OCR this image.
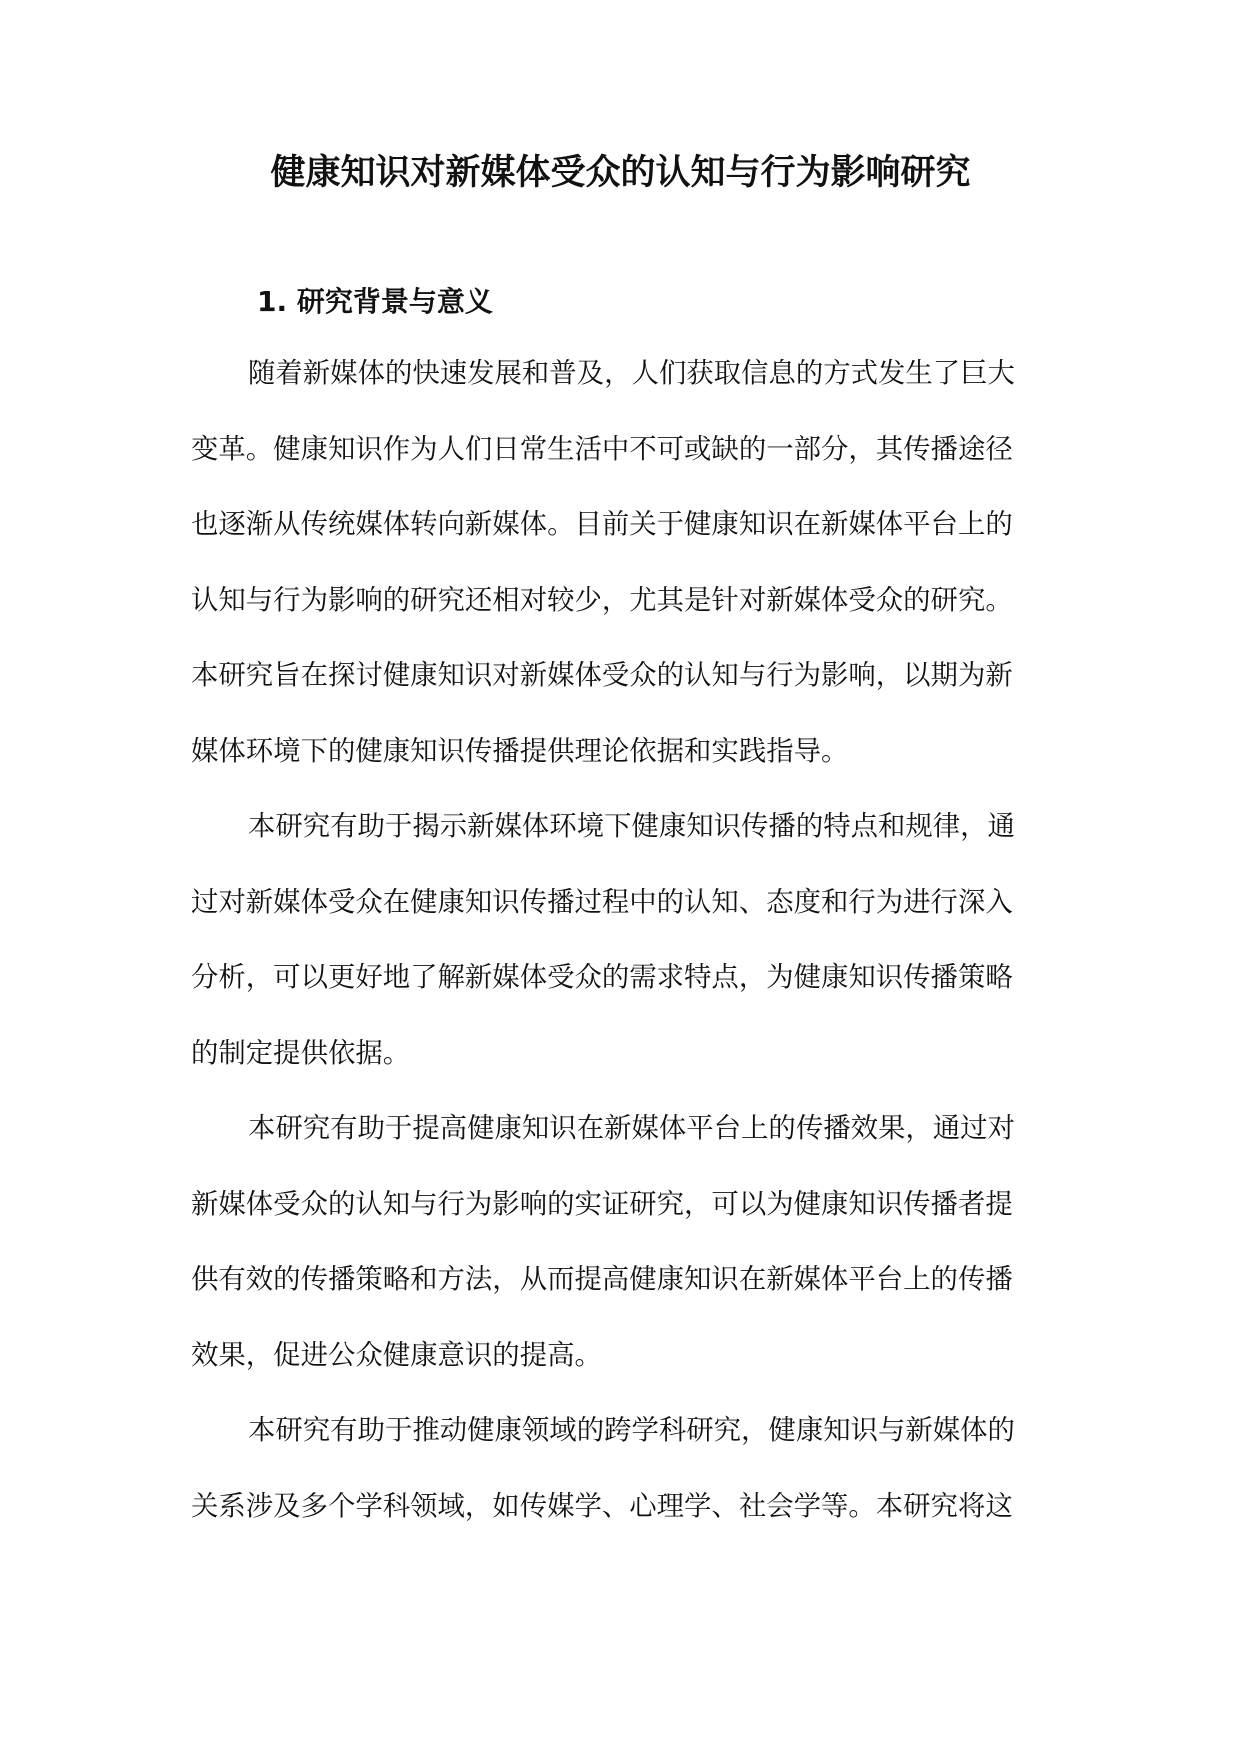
健康知识对新媒体受众的认知与行为影响研究
1. 研究背景与意义

随着新媒体的快速发展和普及，人们获取信息的方式发生了巨大
变革。健康知识作为人们日常生活中不可或缺的一部分，其传播途径
也逐渐从传统媒体转向新媒体。目前关于健康知识在新媒体平台上的
认知与行为影响的研究还相对较少，尤其是针对新媒体受众的研究。
本研究旨在探讨健康知识对新媒体受众的认知与行为影响，以期为新
媒体环境下的健康知识传播提供理论依据和实践指导。

本研究有助于揭示新媒体环境下健康知识传播的特点和规律，通
过对新媒体受众在健康知识传播过程中的认知、态度和行为进行深入
分析，可以更好地了解新媒体受众的需求特点，为健康知识传播策略
的制定提供依据。

本研究有助于提高健康知识在新媒体平台上的传播效果，通过对
新媒体受众的认知与行为影响的实证研究，可以为健康知识传播者提
供有效的传播策略和方法，从而提高健康知识在新媒体平台上的传播
效果，促进公众健康意识的提高。

本研究有助于推动健康领域的跨学科研究，健康知识与新媒体的
关系涉及多个学科领域，如传媒学、心理学、社会学等。本研究将这
